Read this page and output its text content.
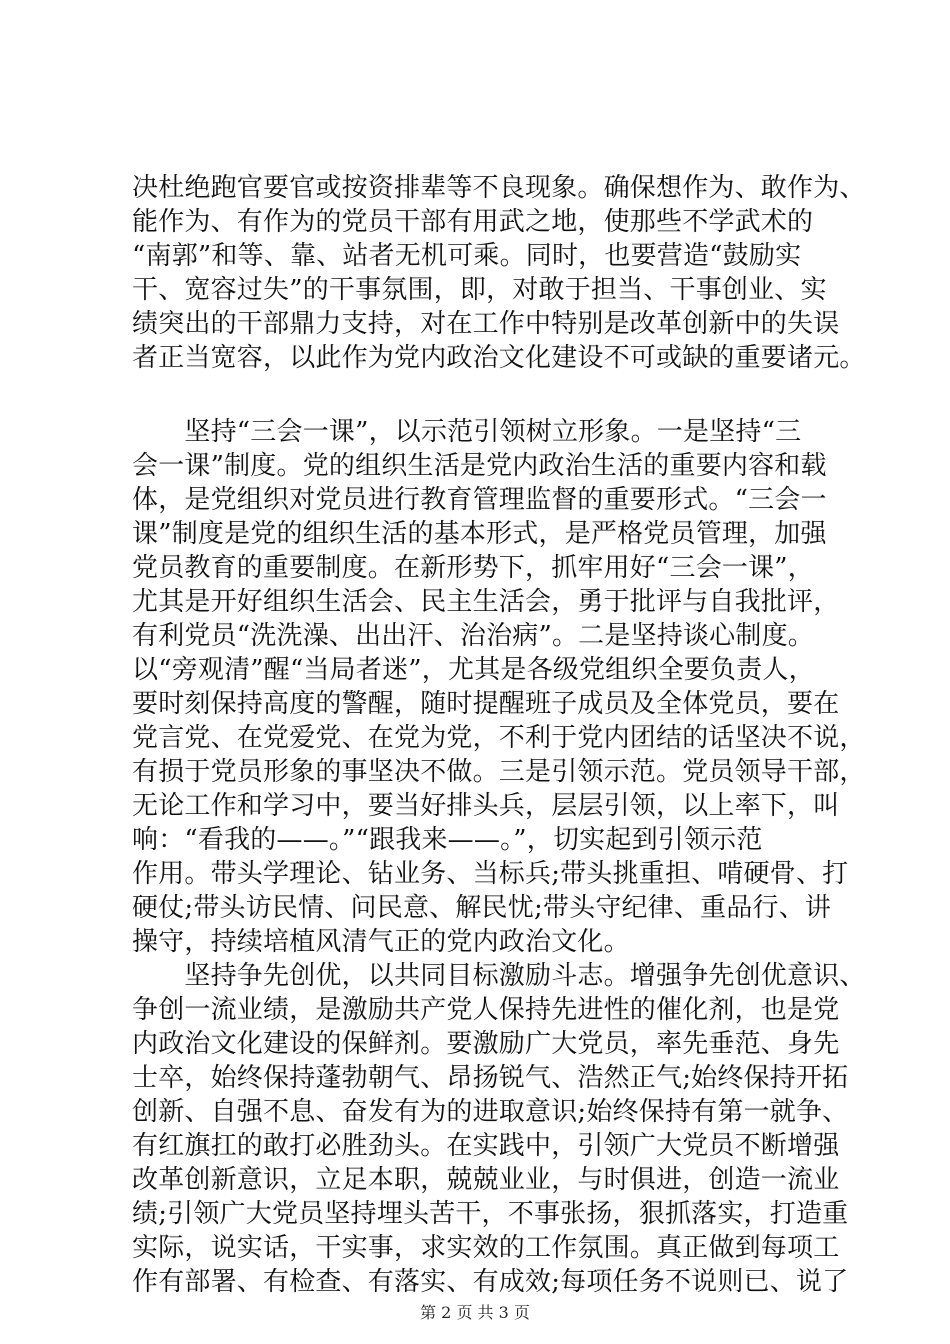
决杜绝跑官要官或按资排辈等不良现象。确保想作为、敢作为、
能作为、有作为的党员干部有用武之地，使那些不学武术的
“南郭”和等、靠、站者无机可乘。同时，也要营造“鼓励实
干、宽容过失”的干事氛围，即，对敢于担当、干事创业、实
绩突出的干部鼎力支持，对在工作中特别是改革创新中的失误
者正当宽容，以此作为党内政治文化建设不可或缺的重要诸元。
　　坚持“三会一课”，以示范引领树立形象。一是坚持“三
会一课”制度。党的组织生活是党内政治生活的重要内容和载
体，是党组织对党员进行教育管理监督的重要形式。“三会一
课”制度是党的组织生活的基本形式，是严格党员管理，加强
党员教育的重要制度。在新形势下，抓牢用好“三会一课”，
尤其是开好组织生活会、民主生活会，勇于批评与自我批评，
有利党员“洗洗澡、出出汗、治治病”。二是坚持谈心制度。
以“旁观清”醒“当局者迷”，尤其是各级党组织全要负责人，
要时刻保持高度的警醒，随时提醒班子成员及全体党员，要在
党言党、在党爱党、在党为党，不利于党内团结的话坚决不说，
有损于党员形象的事坚决不做。三是引领示范。党员领导干部，
无论工作和学习中，要当好排头兵，层层引领，以上率下，叫
响：“看我的——。”“跟我来——。”，切实起到引领示范
作用。带头学理论、钻业务、当标兵;带头挑重担、啃硬骨、打
硬仗;带头访民情、问民意、解民忧;带头守纪律、重品行、讲
操守，持续培植风清气正的党内政治文化。
　　坚持争先创优，以共同目标激励斗志。增强争先创优意识、
争创一流业绩，是激励共产党人保持先进性的催化剂，也是党
内政治文化建设的保鲜剂。要激励广大党员，率先垂范、身先
士卒，始终保持蓬勃朝气、昂扬锐气、浩然正气;始终保持开拓
创新、自强不息、奋发有为的进取意识;始终保持有第一就争、
有红旗扛的敢打必胜劲头。在实践中，引领广大党员不断增强
改革创新意识，立足本职，兢兢业业，与时俱进，创造一流业
绩;引领广大党员坚持埋头苦干，不事张扬，狠抓落实，打造重
实际，说实话，干实事，求实效的工作氛围。真正做到每项工
作有部署、有检查、有落实、有成效;每项任务不说则已、说了
第 2 页 共 3 页
